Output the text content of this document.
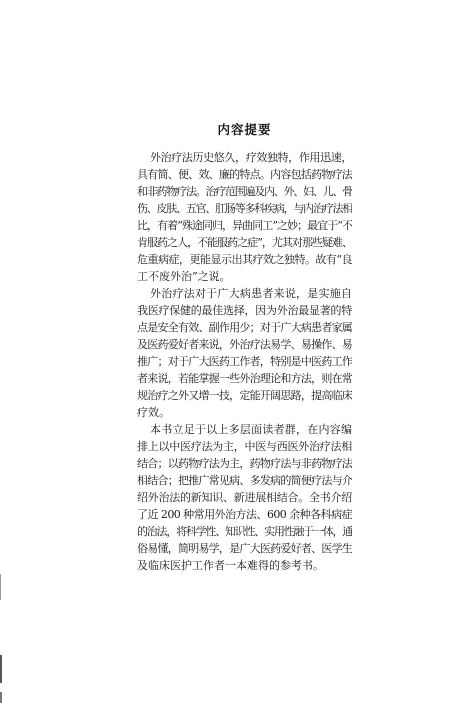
内容提要
外治疗法历史悠久，疗效独特，作用迅速，
具有简、便、效、廉的特点。内容包括药物疗法
和非药物疗法。治疗范围遍及内、外、妇、儿、骨
伤、皮肤、五官、肛肠等多科疾病，与内治疗法相
比，有着“殊途同归，异曲同工”之妙；最宜于“不
肯服药之人，不能服药之症”，尤其对那些疑难、
危重病症，更能显示出其疗效之独特。故有“良
工不废外治”之说。
外治疗法对于广大病患者来说，是实施自
我医疗保健的最佳选择，因为外治最显著的特
点是安全有效、副作用少；对于广大病患者家属
及医药爱好者来说，外治疗法易学、易操作、易
推广；对于广大医药工作者，特别是中医药工作
者来说，若能掌握一些外治理论和方法，则在常
规治疗之外又增一技，定能开阔思路，提高临床
疗效。
本书立足于以上多层面读者群，在内容编
排上以中医疗法为主，中医与西医外治疗法相
结合；以药物疗法为主，药物疗法与非药物疗法
相结合；把推广常见病、多发病的简便疗法与介
绍外治法的新知识、新进展相结合。全书介绍
了近 200 种常用外治方法、600 余种各科病症
的治法，将科学性、知识性、实用性融于一体，通
俗易懂，简明易学，是广大医药爱好者、医学生
及临床医护工作者一本难得的参考书。
